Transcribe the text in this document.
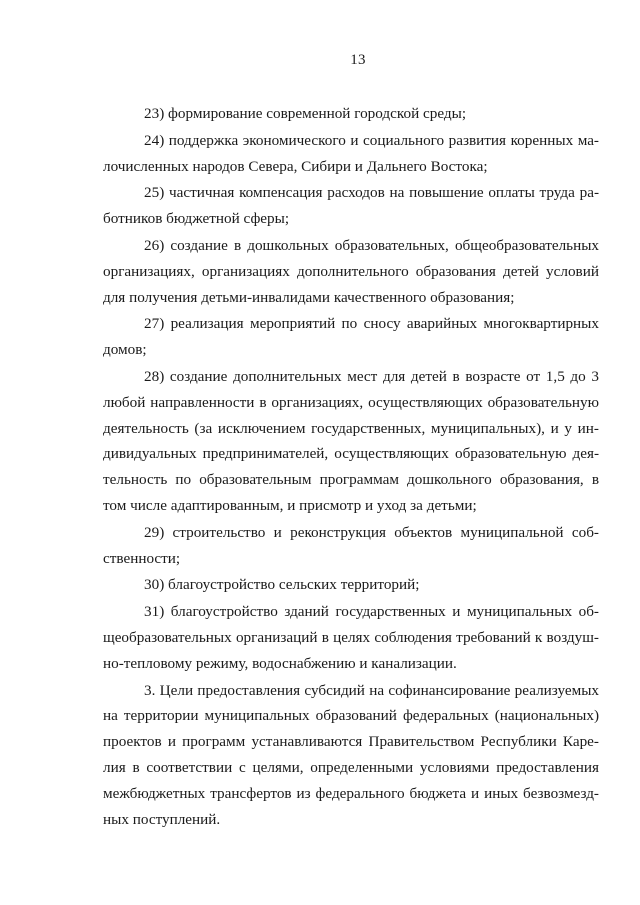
13
23) формирование современной городской среды;
24) поддержка экономического и социального развития коренных ма-
лочисленных народов Севера, Сибири и Дальнего Востока;
25) частичная компенсация расходов на повышение оплаты труда ра-
ботников бюджетной сферы;
26) создание в дошкольных образовательных, общеобразовательных
организациях, организациях дополнительного образования детей условий
для получения детьми-инвалидами качественного образования;
27) реализация мероприятий по сносу аварийных многоквартирных
домов;
28) создание дополнительных мест для детей в возрасте от 1,5 до 3
любой направленности в организациях, осуществляющих образовательную
деятельность (за исключением государственных, муниципальных), и у ин-
дивидуальных предпринимателей, осуществляющих образовательную дея-
тельность по образовательным программам дошкольного образования, в
том числе адаптированным, и присмотр и уход за детьми;
29) строительство и реконструкция объектов муниципальной соб-
ственности;
30) благоустройство сельских территорий;
31) благоустройство зданий государственных и муниципальных об-
щеобразовательных организаций в целях соблюдения требований к воздуш-
но-тепловому режиму, водоснабжению и канализации.
3. Цели предоставления субсидий на софинансирование реализуемых
на территории муниципальных образований федеральных (национальных)
проектов и программ устанавливаются Правительством Республики Каре-
лия в соответствии с целями, определенными условиями предоставления
межбюджетных трансфертов из федерального бюджета и иных безвозмезд-
ных поступлений.
